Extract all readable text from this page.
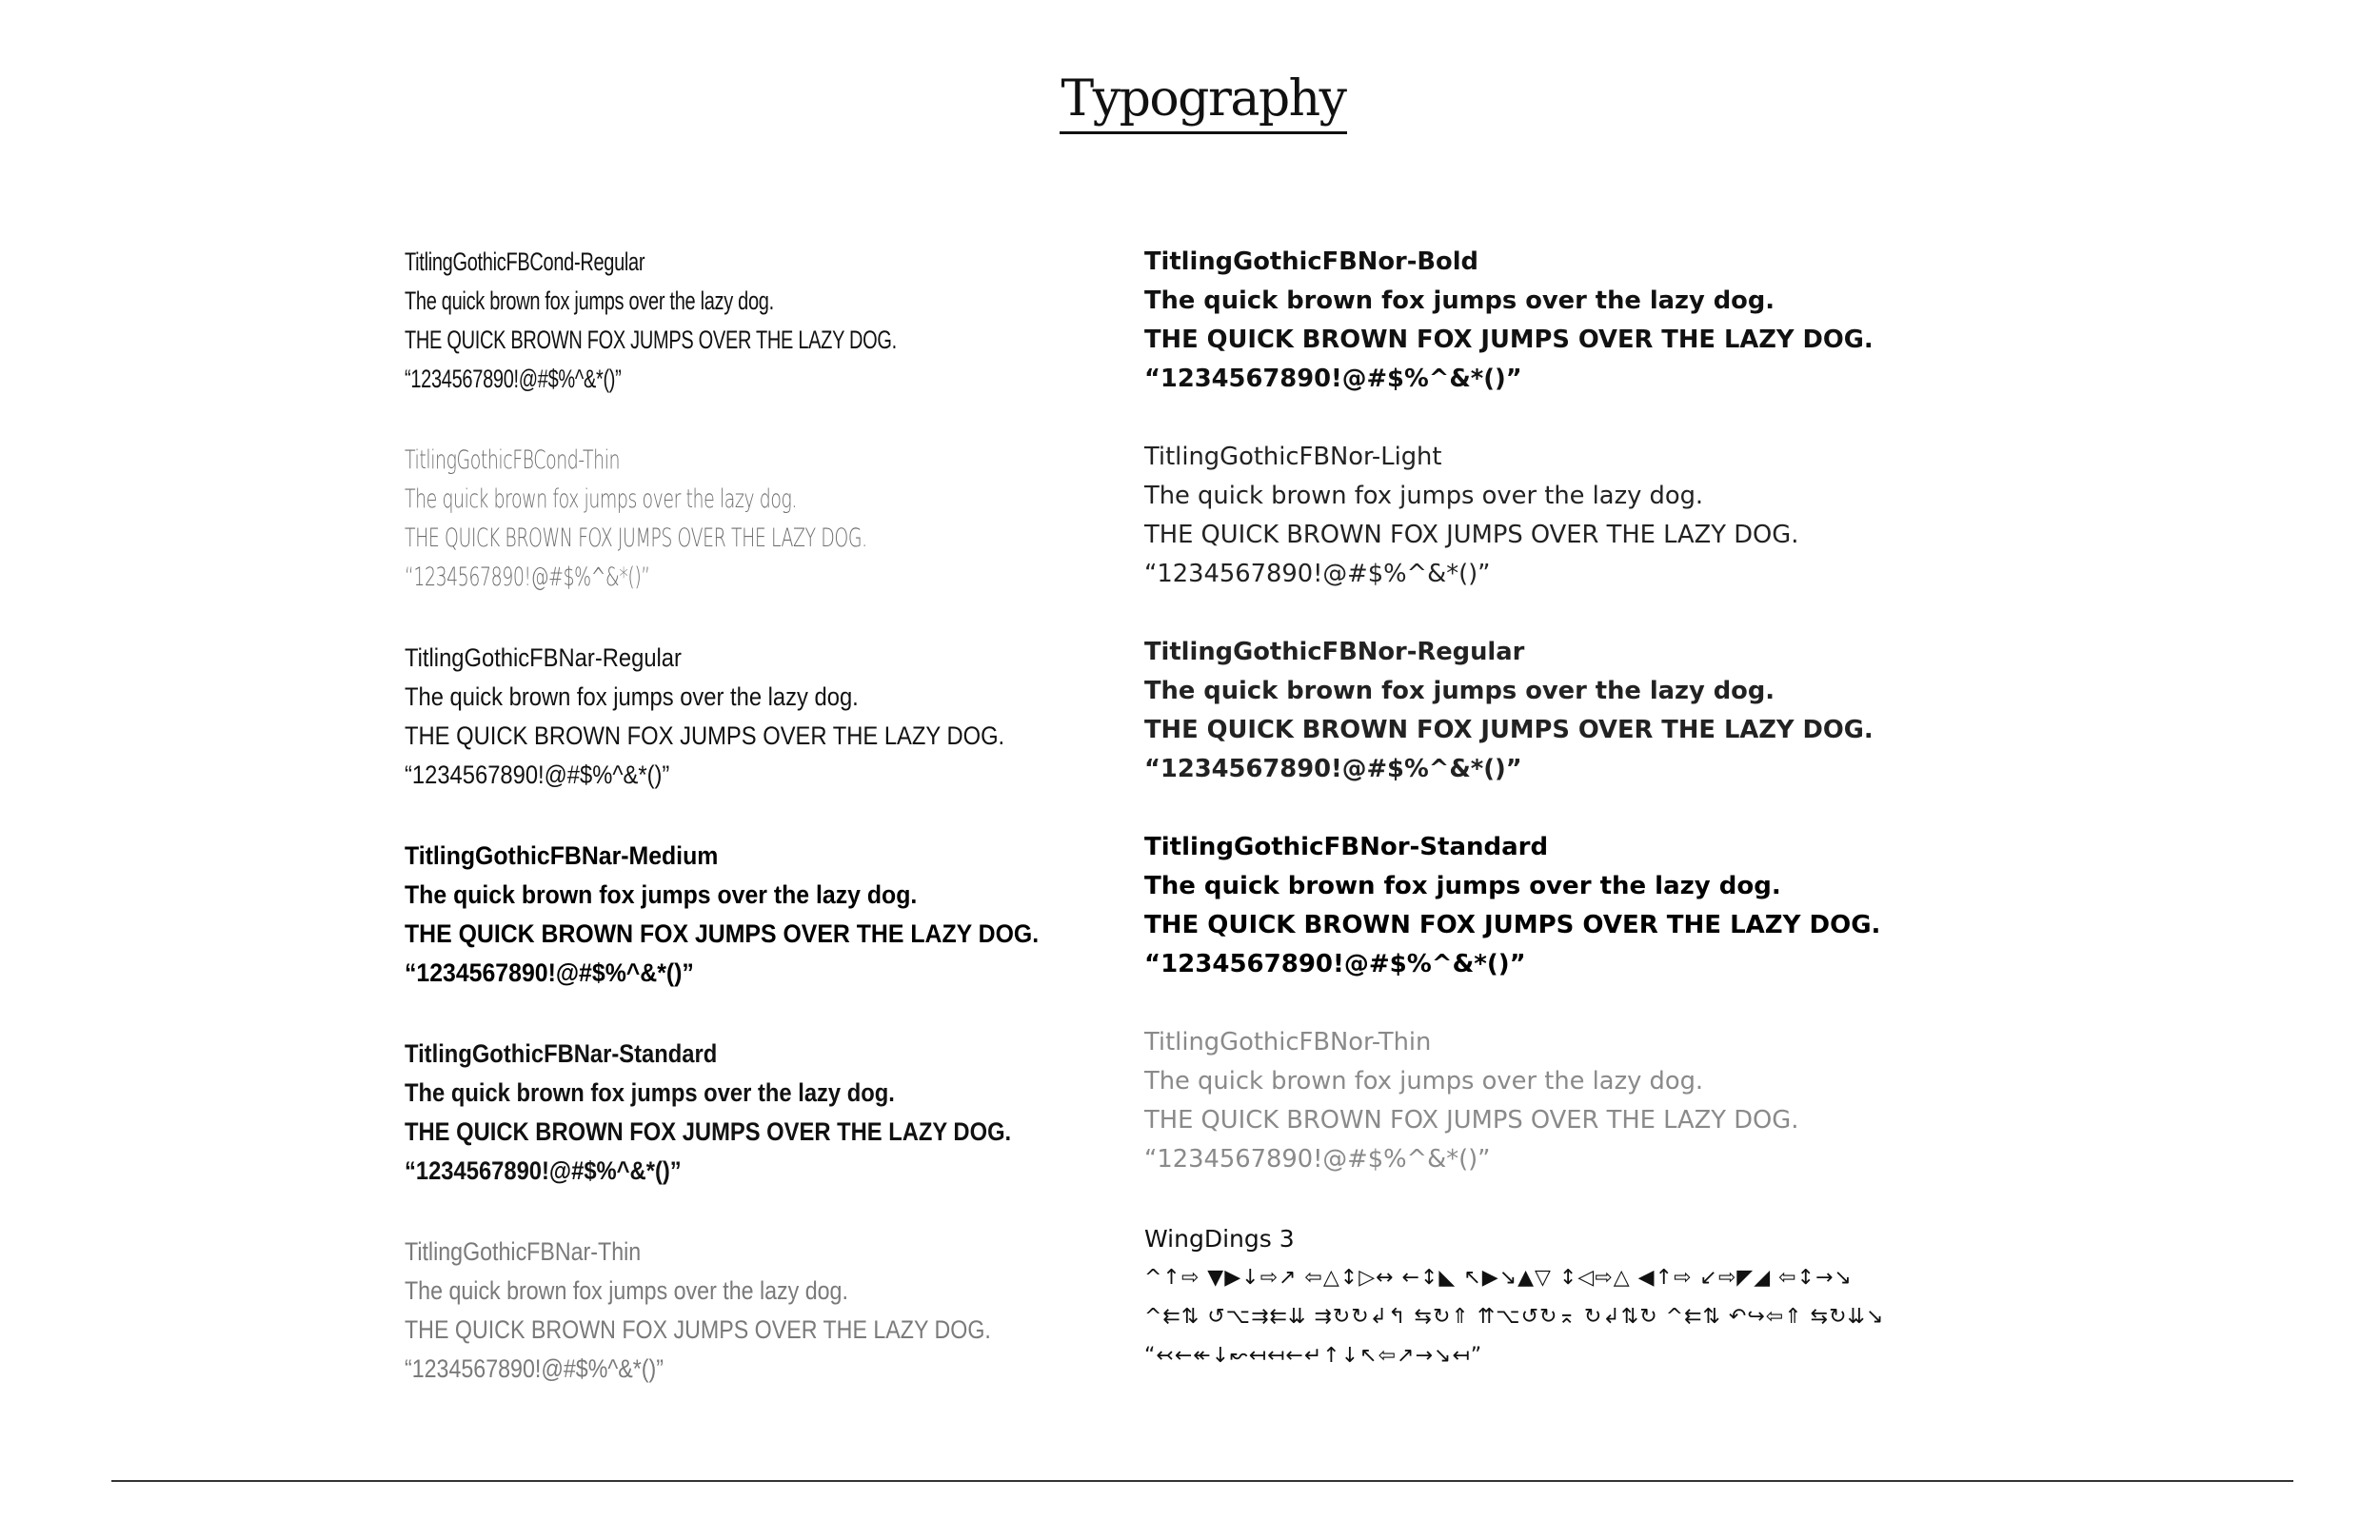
Typography
TitlingGothicFBCond-Regular
The quick brown fox jumps over the lazy dog.
THE QUICK BROWN FOX JUMPS OVER THE LAZY DOG.
“1234567890!@#$%^&*()”
TitlingGothicFBCond-Thin
The quick brown fox jumps over the lazy dog.
THE QUICK BROWN FOX JUMPS OVER THE LAZY DOG.
“1234567890!@#$%^&*()”
TitlingGothicFBNar-Regular
The quick brown fox jumps over the lazy dog.
THE QUICK BROWN FOX JUMPS OVER THE LAZY DOG.
“1234567890!@#$%^&*()”
TitlingGothicFBNar-Medium
The quick brown fox jumps over the lazy dog.
THE QUICK BROWN FOX JUMPS OVER THE LAZY DOG.
“1234567890!@#$%^&*()”
TitlingGothicFBNar-Standard
The quick brown fox jumps over the lazy dog.
THE QUICK BROWN FOX JUMPS OVER THE LAZY DOG.
“1234567890!@#$%^&*()”
TitlingGothicFBNar-Thin
The quick brown fox jumps over the lazy dog.
THE QUICK BROWN FOX JUMPS OVER THE LAZY DOG.
“1234567890!@#$%^&*()”
TitlingGothicFBNor-Bold
The quick brown fox jumps over the lazy dog.
THE QUICK BROWN FOX JUMPS OVER THE LAZY DOG.
“1234567890!@#$%^&*()”
TitlingGothicFBNor-Light
The quick brown fox jumps over the lazy dog.
THE QUICK BROWN FOX JUMPS OVER THE LAZY DOG.
“1234567890!@#$%^&*()”
TitlingGothicFBNor-Regular
The quick brown fox jumps over the lazy dog.
THE QUICK BROWN FOX JUMPS OVER THE LAZY DOG.
“1234567890!@#$%^&*()”
TitlingGothicFBNor-Standard
The quick brown fox jumps over the lazy dog.
THE QUICK BROWN FOX JUMPS OVER THE LAZY DOG.
“1234567890!@#$%^&*()”
TitlingGothicFBNor-Thin
The quick brown fox jumps over the lazy dog.
THE QUICK BROWN FOX JUMPS OVER THE LAZY DOG.
“1234567890!@#$%^&*()”
WingDings 3
^↑⇨ ▼▶↓⇨↗ ⇦△↕▷↔ ←↕◣ ↖▶↘▲▽ ↕◁⇨△ ◀↑⇨ ↙⇨◤◢ ⇦↕→↘
^⇇⇅ ↺⌥⇉⇇⇊ ⇉↻↻↲↰ ⇆↻⇑ ⇈⌥↺↻⌅ ↻↲⇅↻ ^⇇⇅ ↶↪⇦⇑ ⇆↻⇊↘
“↢←↞↓↜↤↤←↵↑↓↖⇦↗→↘↤”
